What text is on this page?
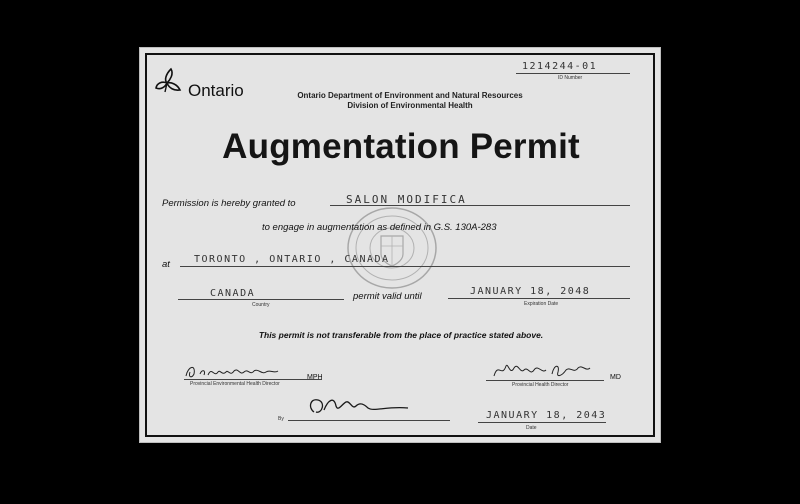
1214244-01
ID Number
Ontario	Ontario Department of Environment and Natural Resources
Division of Environmental Health
Augmentation Permit
Permission is hereby granted to	SALON MODIFICA
to engage in augmentation as defined in G.S. 130A-283
at TORONTO , ONTARIO , CANADA
CANADA
Country
permit valid until	JANUARY 18, 2048
Expiration Date
This permit is not transferable from the place of practice stated above.
Provincial Environmental Health Director
MPH
Provincial Health Director
MD
By	JANUARY 18, 2043
Date
